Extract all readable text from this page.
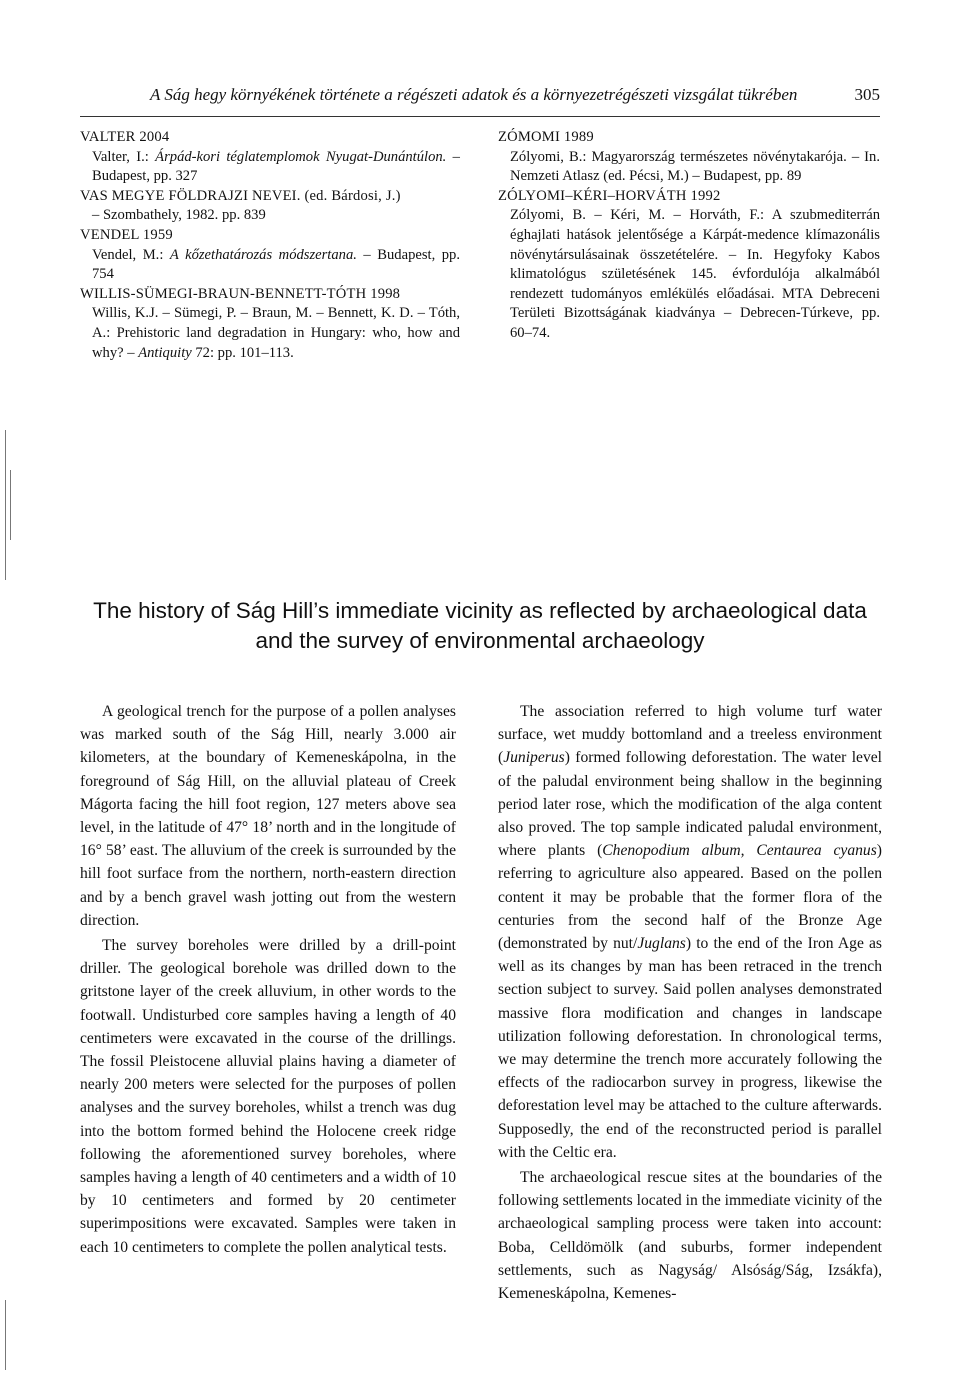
A Ság hegy környékének története a régészeti adatok és a környezetrégészeti vizsgálat tükrében	305
VALTER 2004
Valter, I.: Árpád-kori téglatemplomok Nyugat-Dunántúlon. – Budapest, pp. 327
VAS MEGYE FÖLDRAJZI NEVEI. (ed. Bárdosi, J.)
– Szombathely, 1982. pp. 839
VENDEL 1959
Vendel, M.: A kőzethatározás módszertana. – Budapest, pp. 754
WILLIS-SÜMEGI-BRAUN-BENNETT-TÓTH 1998
Willis, K.J. – Sümegi, P. – Braun, M. – Bennett, K. D. – Tóth, A.: Prehistoric land degradation in Hungary: who, how and why? – Antiquity 72: pp. 101–113.
ZÓMOMI 1989
Zólyomi, B.: Magyarország természetes növénytakarója. – In. Nemzeti Atlasz (ed. Pécsi, M.) – Budapest, pp. 89
ZÓLYOMI–KÉRI–HORVÁTH 1992
Zólyomi, B. – Kéri, M. – Horváth, F.: A szubmediterrán éghajlati hatások jelentősége a Kárpát-medence klímazonális növénytársulásainak összetételére. – In. Hegyfoky Kabos klimatológus születésének 145. évfordulója alkalmából rendezett tudományos emlékülés előadásai. MTA Debreceni Területi Bizottságának kiadványa – Debrecen-Túrkeve, pp. 60–74.
The history of Ság Hill’s immediate vicinity as reflected by archaeological data
and the survey of environmental archaeology

A geological trench for the purpose of a pollen analyses was marked south of the Ság Hill, nearly 3.000 air kilometers, at the boundary of Kemeneskápolna, in the foreground of Ság Hill, on the alluvial plateau of Creek Mágorta facing the hill foot region, 127 meters above sea level, in the latitude of 47° 18’ north and in the longitude of 16° 58’ east. The alluvium of the creek is surrounded by the hill foot surface from the northern, north-eastern direction and by a bench gravel wash jotting out from the western direction.

The survey boreholes were drilled by a drill-point driller. The geological borehole was drilled down to the gritstone layer of the creek alluvium, in other words to the footwall. Undisturbed core samples having a length of 40 centimeters were excavated in the course of the drillings. The fossil Pleistocene alluvial plains having a diameter of nearly 200 meters were selected for the purposes of pollen analyses and the survey boreholes, whilst a trench was dug into the bottom formed behind the Holocene creek ridge following the aforementioned survey boreholes, where samples having a length of 40 centimeters and a width of 10 by 10 centimeters and formed by 20 centimeter superimpositions were excavated. Samples were taken in each 10 centimeters to complete the pollen analytical tests.

The association referred to high volume turf water surface, wet muddy bottomland and a treeless environment (Juniperus) formed following deforestation. The water level of the paludal environment being shallow in the beginning period later rose, which the modification of the alga content also proved. The top sample indicated paludal environment, where plants (Chenopodium album, Centaurea cyanus) referring to agriculture also appeared. Based on the pollen content it may be probable that the former flora of the centuries from the second half of the Bronze Age (demonstrated by nut/Juglans) to the end of the Iron Age as well as its changes by man has been retraced in the trench section subject to survey. Said pollen analyses demonstrated massive flora modification and changes in landscape utilization following deforestation. In chronological terms, we may determine the trench more accurately following the effects of the radiocarbon survey in progress, likewise the deforestation level may be attached to the culture afterwards. Supposedly, the end of the reconstructed period is parallel with the Celtic era.

The archaeological rescue sites at the boundaries of the following settlements located in the immediate vicinity of the archaeological sampling process were taken into account: Boba, Celldömölk (and suburbs, former independent settlements, such as Nagyság/ Alsóság/Ság, Izsákfa), Kemeneskápolna, Kemenes-
